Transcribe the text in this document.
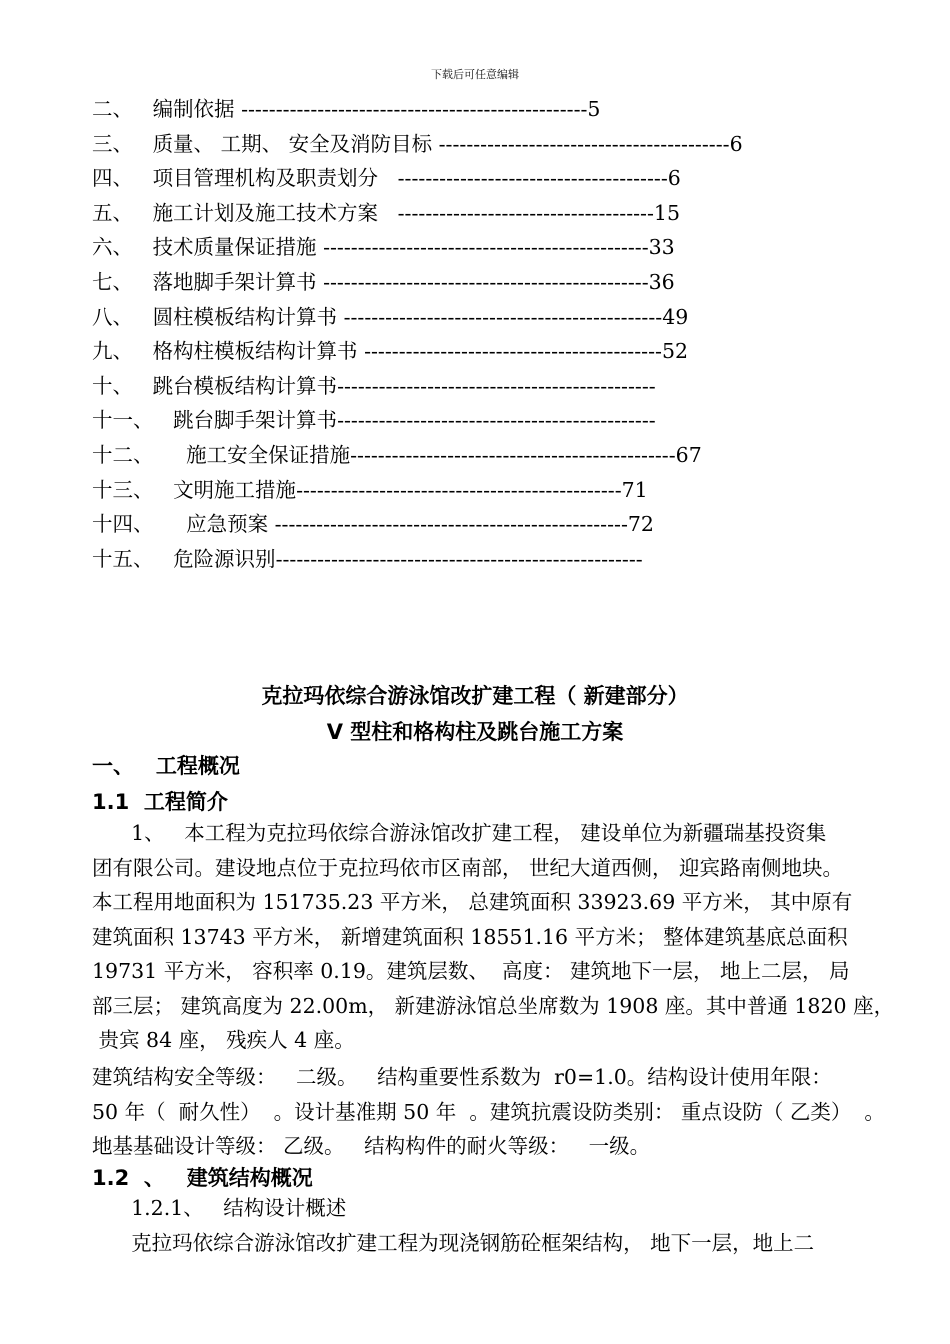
下载后可任意编辑
二、 编制依据 --------------------------------------------------5
三、 质量、 工期、 安全及消防目标 ------------------------------------------6
四、 项目管理机构及职责划分   ---------------------------------------6
五、 施工计划及施工技术方案   -------------------------------------15
六、 技术质量保证措施 -----------------------------------------------33
七、 落地脚手架计算书 -----------------------------------------------36
八、 圆柱模板结构计算书 ----------------------------------------------49
九、 格构柱模板结构计算书 -------------------------------------------52
十、 跳台模板结构计算书----------------------------------------------
十一、 跳台脚手架计算书----------------------------------------------
十二、 施工安全保证措施-----------------------------------------------67
十三、 文明施工措施-----------------------------------------------71
十四、 应急预案 ---------------------------------------------------72
十五、 危险源识别-----------------------------------------------------
克拉玛依综合游泳馆改扩建工程（ 新建部分）
V 型柱和格构柱及跳台施工方案
一、   工程概况
1.1  工程简介
1、   本工程为克拉玛依综合游泳馆改扩建工程， 建设单位为新疆瑞基投资集
团有限公司。建设地点位于克拉玛依市区南部， 世纪大道西侧， 迎宾路南侧地块。
本工程用地面积为 151735.23 平方米， 总建筑面积 33923.69 平方米， 其中原有
建筑面积 13743 平方米， 新增建筑面积 18551.16 平方米； 整体建筑基底总面积
19731 平方米， 容积率 0.19。建筑层数、  高度： 建筑地下一层， 地上二层， 局
部三层； 建筑高度为 22.00m， 新建游泳馆总坐席数为 1908 座。其中普通 1820 座，
贵宾 84 座， 残疾人 4 座。
建筑结构安全等级：   二级。   结构重要性系数为  r0=1.0。结构设计使用年限：
50 年（  耐久性）  。设计基准期 50 年  。建筑抗震设防类别： 重点设防（ 乙类）  。
地基基础设计等级： 乙级。   结构构件的耐火等级：   一级。
1.2  、   建筑结构概况
1.2.1、   结构设计概述
克拉玛依综合游泳馆改扩建工程为现浇钢筋砼框架结构， 地下一层，地上二
